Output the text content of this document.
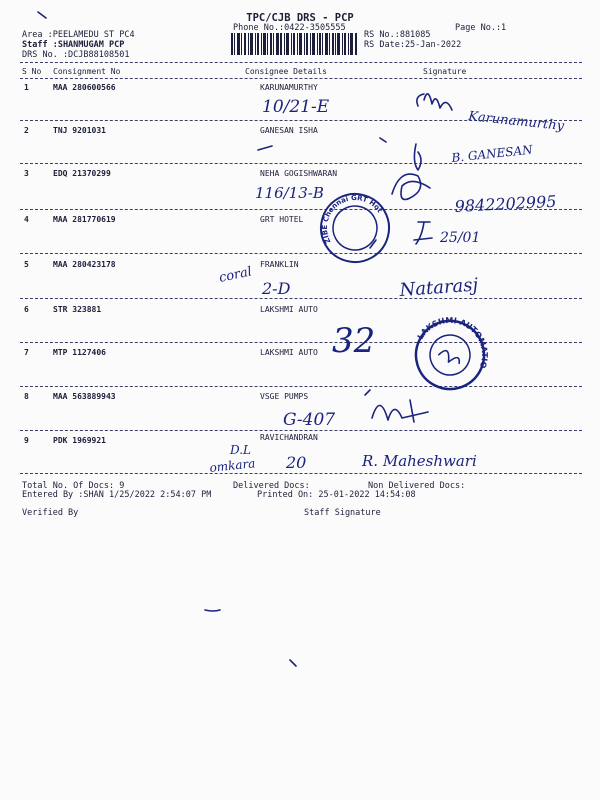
TPC/CJB DRS - PCP
Phone No.:0422-3505555	Page No.:1
Area :PEELAMEDU ST PC4
Staff :SHANMUGAM PCP
DRS No. :DCJB88108501
RS No.:881085
RS Date:25-Jan-2022
S No Consignment No	Consignee Details	Signature
1	MAA 280600566	KARUNAMURTHY
2	TNJ 9201031	GANESAN ISHA
3	EDQ 21370299	NEHA GOGISHWARAN
4	MAA 281770619	GRT HOTEL
5	MAA 280423178	FRANKLIN
6	STR 323881	LAKSHMI AUTO
7	MTP 1127406	LAKSHMI AUTO
8	MAA 563889943	VSGE PUMPS
9	PDK 1969921	RAVICHANDRAN
Total No. Of Docs: 9	Delivered Docs:	Non Delivered Docs:
Entered By :SHAN 1/25/2022 2:54:07 PM	Printed On: 25-01-2022 14:54:08
Verified By	Staff Signature
10/21-E
Karunamurthy
B. GANESAN
116/13-B	9842202995
ZIBE Chennai GRT Hotels
25/01
coral
2-D	Natarasj
32	LAKSHMI AUTOMATION
G-407
D.L
20
omkara	R. Maheshwari
